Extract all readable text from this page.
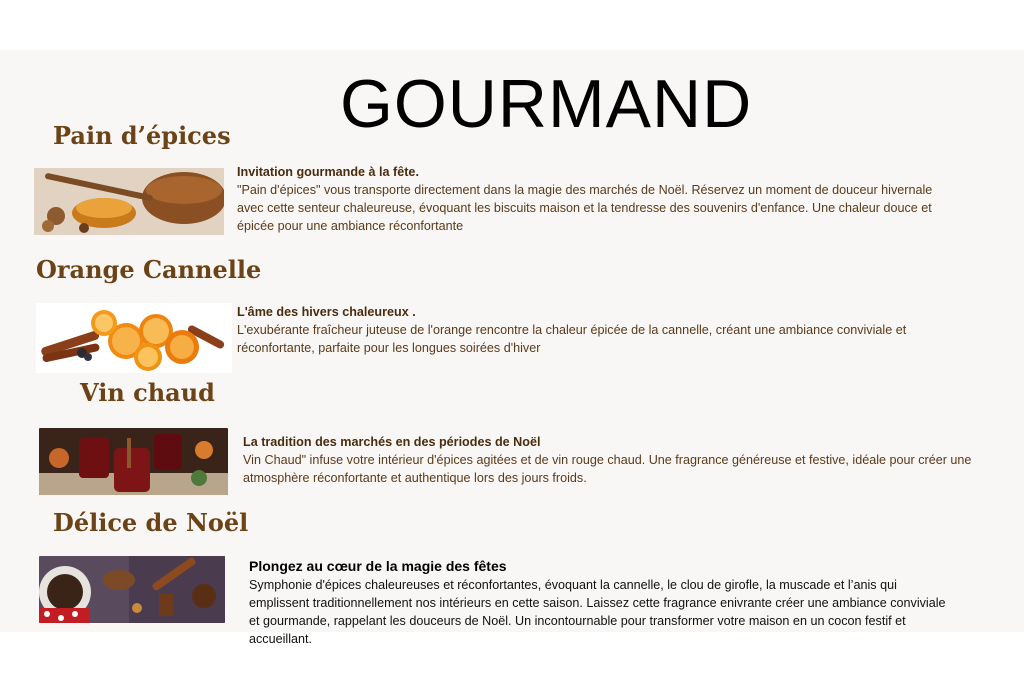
GOURMAND
Pain d’épices
Invitation gourmande à la fête.
"Pain d'épices" vous transporte directement dans la magie des marchés de Noël. Réservez un moment de douceur hivernale avec cette senteur chaleureuse, évoquant les biscuits maison et la tendresse des souvenirs d'enfance. Une chaleur douce et épicée pour une ambiance réconfortante
Orange Cannelle
L'âme des hivers chaleureux .
L'exubérante fraîcheur juteuse de l'orange rencontre la chaleur épicée de la cannelle, créant une ambiance conviviale et réconfortante, parfaite pour les longues soirées d'hiver
Vin chaud
La tradition des marchés en des périodes de Noël
Vin Chaud" infuse votre intérieur d'épices agitées et de vin rouge chaud. Une fragrance généreuse et festive, idéale pour créer une atmosphère réconfortante et authentique lors des jours froids.
Délice de Noël
Plongez au cœur de la magie des fêtes
Symphonie d'épices chaleureuses et réconfortantes, évoquant la cannelle, le clou de girofle, la muscade et l’anis qui emplissent traditionnellement nos intérieurs en cette saison. Laissez cette fragrance enivrante créer une ambiance conviviale et gourmande, rappelant les douceurs de Noël. Un incontournable pour transformer votre maison en un cocon festif et accueillant.
